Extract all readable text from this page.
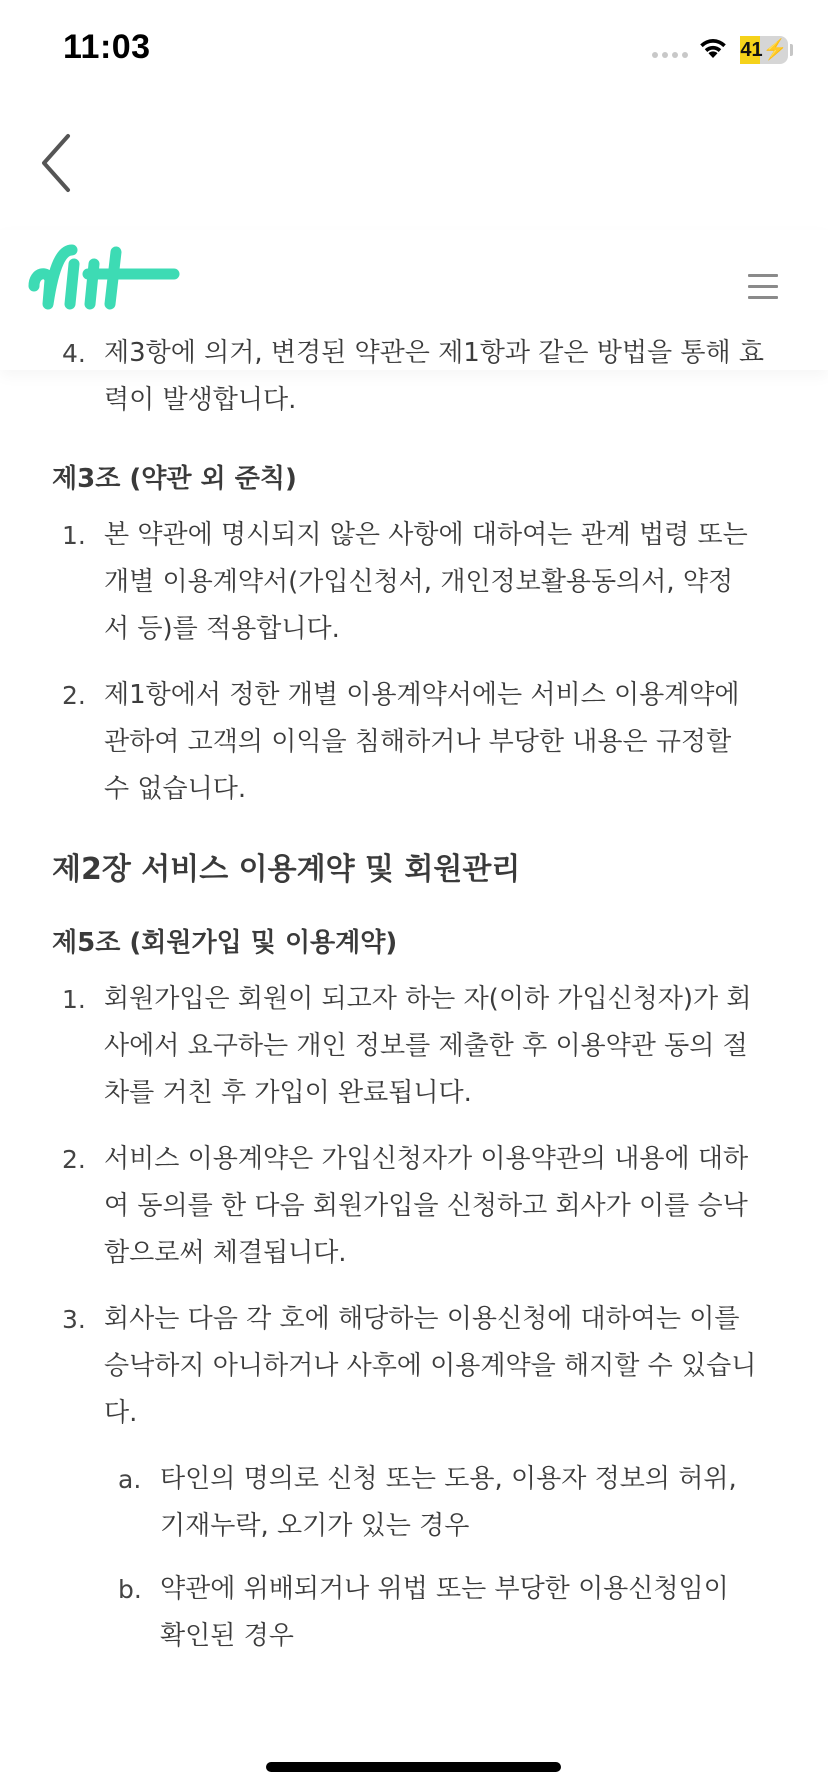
11:03	41⚡
4. 제3항에 의거, 변경된 약관은 제1항과 같은 방법을 통해 효
력이 발생합니다.
제3조 (약관 외 준칙)
1. 본 약관에 명시되지 않은 사항에 대하여는 관계 법령 또는
개별 이용계약서(가입신청서, 개인정보활용동의서, 약정
서 등)를 적용합니다.
2. 제1항에서 정한 개별 이용계약서에는 서비스 이용계약에
관하여 고객의 이익을 침해하거나 부당한 내용은 규정할
수 없습니다.
제2장 서비스 이용계약 및 회원관리
제5조 (회원가입 및 이용계약)
1. 회원가입은 회원이 되고자 하는 자(이하 가입신청자)가 회
사에서 요구하는 개인 정보를 제출한 후 이용약관 동의 절
차를 거친 후 가입이 완료됩니다.
2. 서비스 이용계약은 가입신청자가 이용약관의 내용에 대하
여 동의를 한 다음 회원가입을 신청하고 회사가 이를 승낙
함으로써 체결됩니다.
3. 회사는 다음 각 호에 해당하는 이용신청에 대하여는 이를
승낙하지 아니하거나 사후에 이용계약을 해지할 수 있습니
다.
a. 타인의 명의로 신청 또는 도용, 이용자 정보의 허위,
기재누락, 오기가 있는 경우
b. 약관에 위배되거나 위법 또는 부당한 이용신청임이
확인된 경우
